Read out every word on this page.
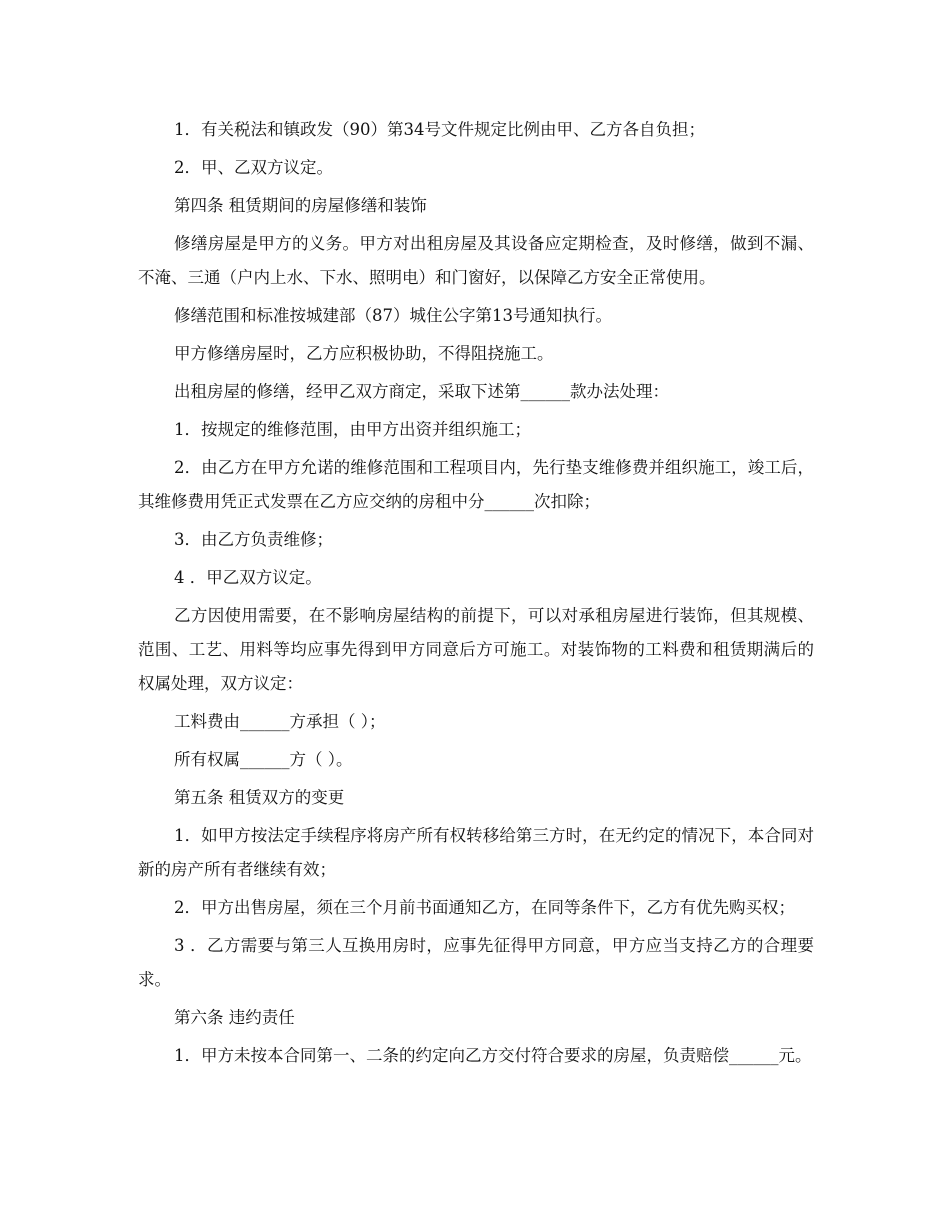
1．有关税法和镇政发（90）第34号文件规定比例由甲、乙方各自负担；

2．甲、乙双方议定。

第四条 租赁期间的房屋修缮和装饰

修缮房屋是甲方的义务。甲方对出租房屋及其设备应定期检查，及时修缮，做到不漏、不淹、三通（户内上水、下水、照明电）和门窗好，以保障乙方安全正常使用。

修缮范围和标准按城建部（87）城住公字第13号通知执行。

甲方修缮房屋时，乙方应积极协助，不得阻挠施工。

出租房屋的修缮，经甲乙双方商定，采取下述第______款办法处理：

1．按规定的维修范围，由甲方出资并组织施工；

2．由乙方在甲方允诺的维修范围和工程项目内，先行垫支维修费并组织施工，竣工后，其维修费用凭正式发票在乙方应交纳的房租中分______次扣除；

3．由乙方负责维修；

4 ．甲乙双方议定。

乙方因使用需要，在不影响房屋结构的前提下，可以对承租房屋进行装饰，但其规模、范围、工艺、用料等均应事先得到甲方同意后方可施工。对装饰物的工料费和租赁期满后的权属处理，双方议定：

工料费由______方承担（ ）；

所有权属______方（ ）。

第五条 租赁双方的变更

1．如甲方按法定手续程序将房产所有权转移给第三方时，在无约定的情况下，本合同对新的房产所有者继续有效；

2．甲方出售房屋，须在三个月前书面通知乙方，在同等条件下，乙方有优先购买权；

3 ．乙方需要与第三人互换用房时，应事先征得甲方同意，甲方应当支持乙方的合理要求。

第六条 违约责任

1．甲方未按本合同第一、二条的约定向乙方交付符合要求的房屋，负责赔偿______元。
